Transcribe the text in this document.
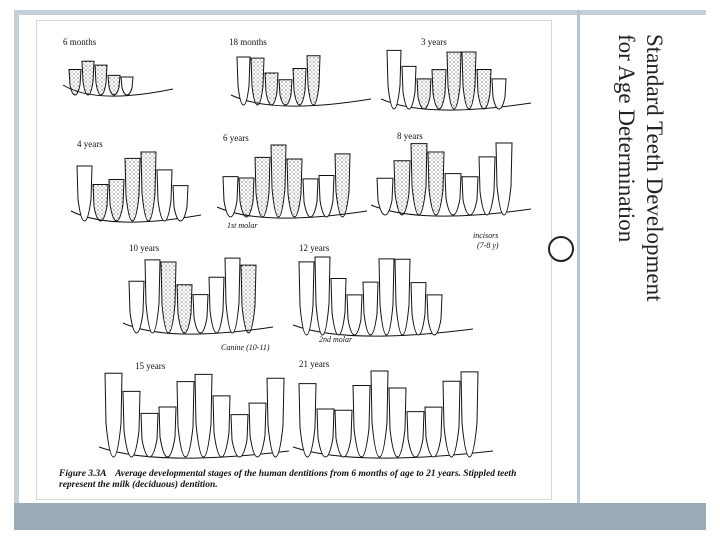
6 months	18 months	3 years
4 years
6 years	8 years
10 years	12 years
15 years	21 years
1st molar
incisors
(7-8 y)
Canine (10-11)
2nd molar
Figure 3.3A Average developmental stages of the human dentitions from 6 months of age to 21 years. Stippled teeth represent the milk (deciduous) dentition.
Standard Teeth Development
for Age Determination
